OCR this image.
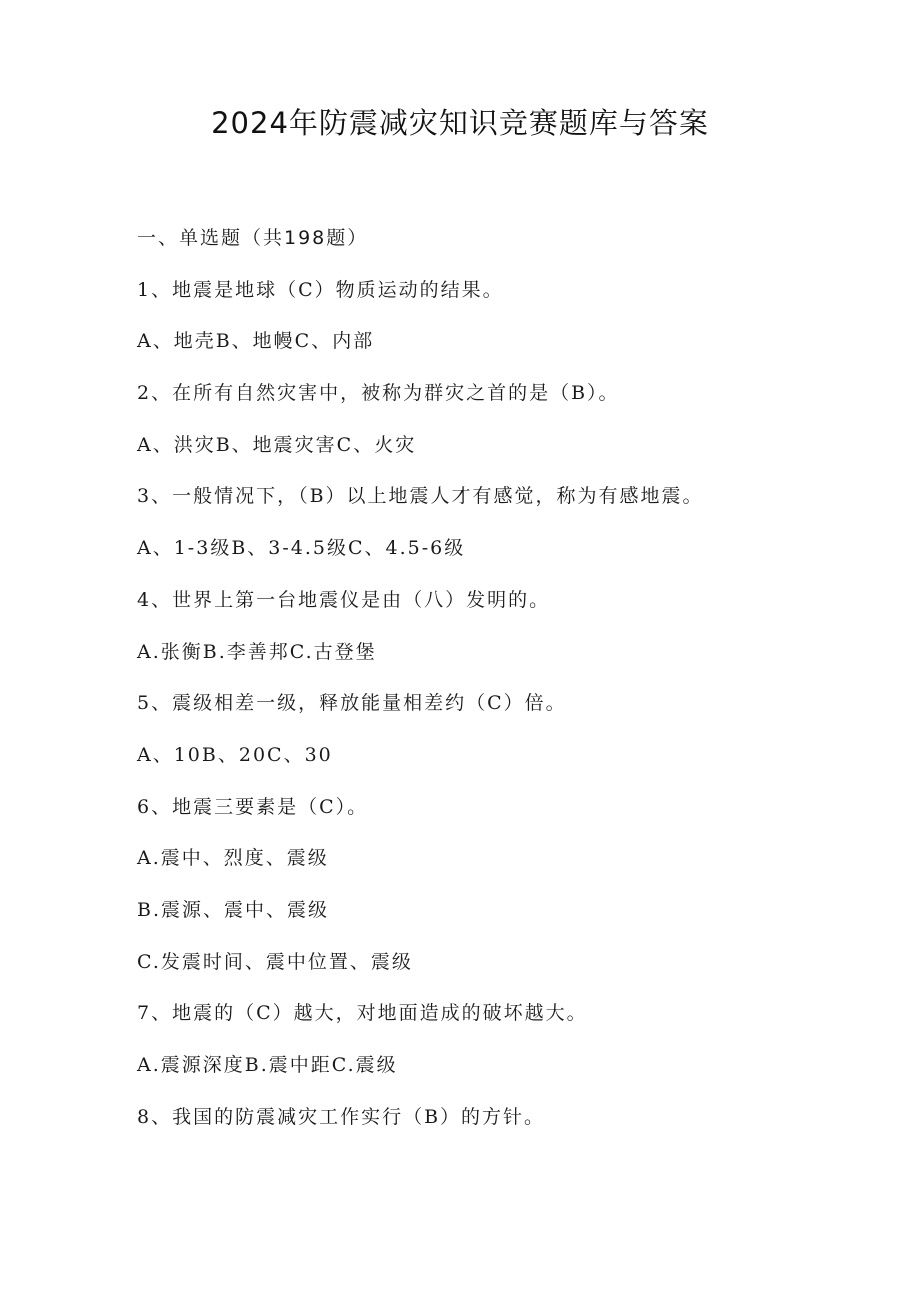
2024年防震减灾知识竞赛题库与答案
一、单选题（共198题）
1、地震是地球（C）物质运动的结果。
A、地壳B、地幔C、内部
2、在所有自然灾害中，被称为群灾之首的是（B）。
A、洪灾B、地震灾害C、火灾
3、一般情况下，（B）以上地震人才有感觉，称为有感地震。
A、1-3级B、3-4.5级C、4.5-6级
4、世界上第一台地震仪是由（八）发明的。
A.张衡B.李善邦C.古登堡
5、震级相差一级，释放能量相差约（C）倍。
A、10B、20C、30
6、地震三要素是（C）。
A.震中、烈度、震级
B.震源、震中、震级
C.发震时间、震中位置、震级
7、地震的（C）越大，对地面造成的破坏越大。
A.震源深度B.震中距C.震级
8、我国的防震减灾工作实行（B）的方针。
